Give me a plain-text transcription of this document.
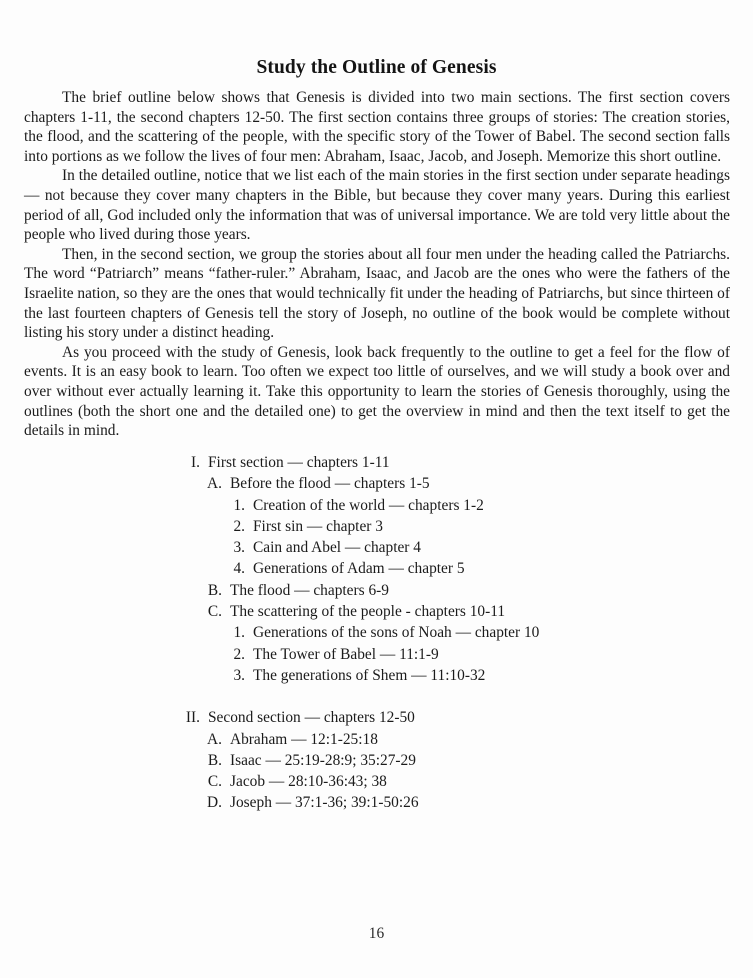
Study the Outline of Genesis

The brief outline below shows that Genesis is divided into two main sections. The first section covers chapters 1-11, the second chapters 12-50. The first section contains three groups of stories: The creation stories, the flood, and the scattering of the people, with the specific story of the Tower of Babel. The second section falls into portions as we follow the lives of four men: Abraham, Isaac, Jacob, and Joseph. Memorize this short outline.

In the detailed outline, notice that we list each of the main stories in the first section under separate headings — not because they cover many chapters in the Bible, but because they cover many years. During this earliest period of all, God included only the information that was of universal importance. We are told very little about the people who lived during those years.

Then, in the second section, we group the stories about all four men under the heading called the Patriarchs. The word “Patriarch” means “father-ruler.” Abraham, Isaac, and Jacob are the ones who were the fathers of the Israelite nation, so they are the ones that would technically fit under the heading of Patriarchs, but since thirteen of the last fourteen chapters of Genesis tell the story of Joseph, no outline of the book would be complete without listing his story under a distinct heading.

As you proceed with the study of Genesis, look back frequently to the outline to get a feel for the flow of events. It is an easy book to learn. Too often we expect too little of ourselves, and we will study a book over and over without ever actually learning it. Take this opportunity to learn the stories of Genesis thoroughly, using the outlines (both the short one and the detailed one) to get the overview in mind and then the text itself to get the details in mind.

I. First section — chapters 1-11
A. Before the flood — chapters 1-5
1. Creation of the world — chapters 1-2
2. First sin — chapter 3
3. Cain and Abel — chapter 4
4. Generations of Adam — chapter 5
B. The flood — chapters 6-9
C. The scattering of the people - chapters 10-11
1. Generations of the sons of Noah — chapter 10
2. The Tower of Babel — 11:1-9
3. The generations of Shem — 11:10-32
II. Second section — chapters 12-50
A. Abraham — 12:1-25:18
B. Isaac — 25:19-28:9; 35:27-29
C. Jacob — 28:10-36:43; 38
D. Joseph — 37:1-36; 39:1-50:26
16
